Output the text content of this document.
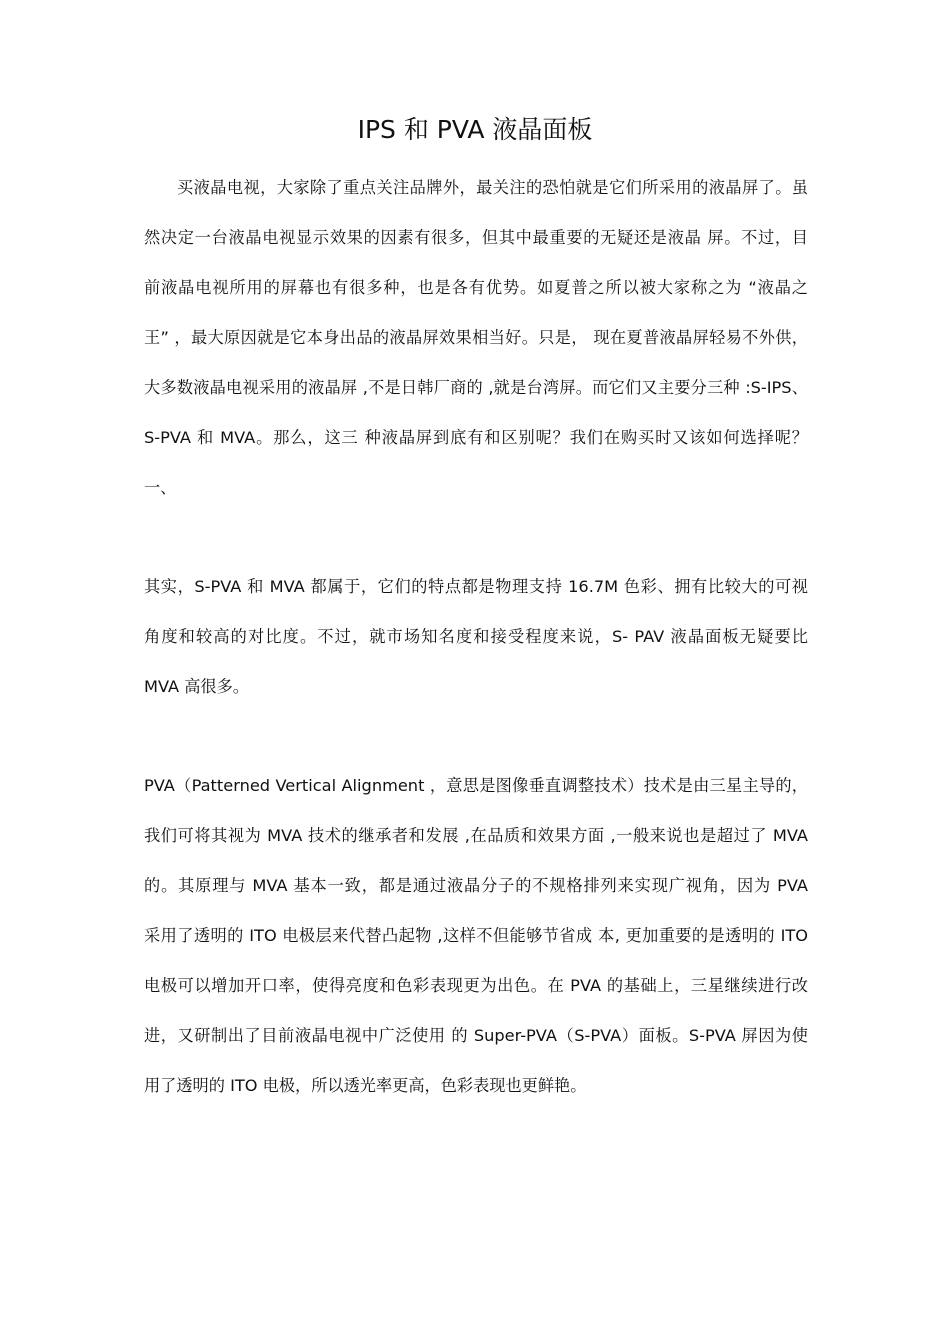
IPS 和 PVA 液晶面板
买液晶电视，大家除了重点关注品牌外，最关注的恐怕就是它们所采用的液晶屏了。虽
然决定一台液晶电视显示效果的因素有很多，但其中最重要的无疑还是液晶 屏。不过，目
前液晶电视所用的屏幕也有很多种，也是各有优势。如夏普之所以被大家称之为 “液晶之
王” ，最大原因就是它本身出品的液晶屏效果相当好。只是， 现在夏普液晶屏轻易不外供，
大多数液晶电视采用的液晶屏 ,不是日韩厂商的 ,就是台湾屏。而它们又主要分三种 :S-IPS、
S-PVA 和 MVA。那么，这三 种液晶屏到底有和区别呢？我们在购买时又该如何选择呢？
一、
其实，S-PVA 和 MVA 都属于，它们的特点都是物理支持 16.7M 色彩、拥有比较大的可视
角度和较高的对比度。不过，就市场知名度和接受程度来说，S- PAV 液晶面板无疑要比
MVA 高很多。
PVA（Patterned Vertical Alignment ，意思是图像垂直调整技术）技术是由三星主导的，
我们可将其视为 MVA 技术的继承者和发展 ,在品质和效果方面 ,一般来说也是超过了 MVA
的。其原理与 MVA 基本一致，都是通过液晶分子的不规格排列来实现广视角，因为 PVA
采用了透明的 ITO 电极层来代替凸起物 ,这样不但能够节省成 本, 更加重要的是透明的 ITO
电极可以增加开口率，使得亮度和色彩表现更为出色。在 PVA 的基础上，三星继续进行改
进，又研制出了目前液晶电视中广泛使用 的 Super-PVA（S-PVA）面板。S-PVA 屏因为使
用了透明的 ITO 电极，所以透光率更高，色彩表现也更鲜艳。
